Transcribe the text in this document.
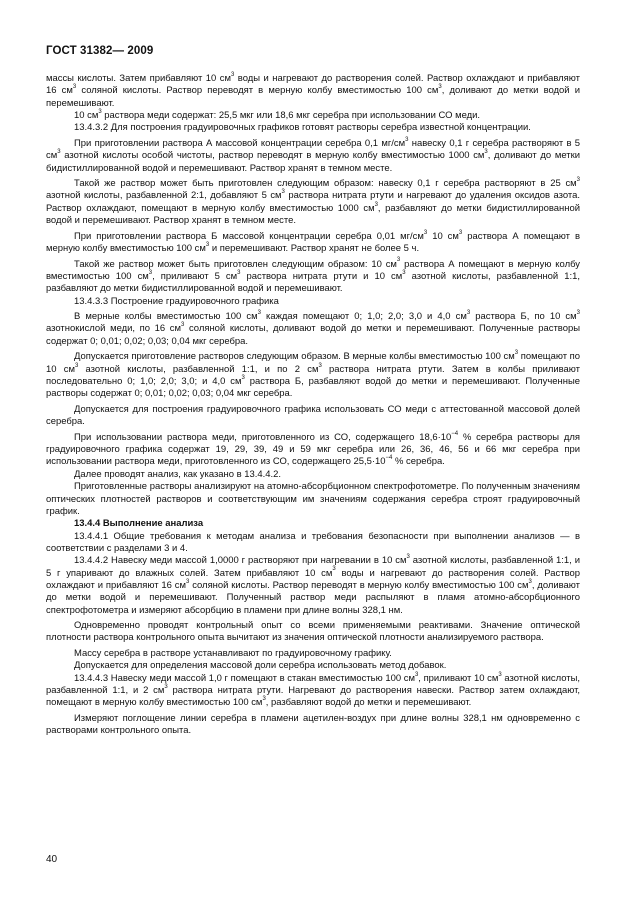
ГОСТ 31382— 2009

массы кислоты. Затем прибавляют 10 $см^3$ воды и нагревают до растворения солей. Раствор охлаждают и прибавляют 16 $см^3$ соляной кислоты. Раствор переводят в мерную колбу вместимостью 100 $см^3$, доливают до метки водой и перемешивают.

10 $см^3$ раствора меди содержат: 25,5 мкг или 18,6 мкг серебра при использовании СО меди.

13.4.3.2 Для построения градуировочных графиков готовят растворы серебра известной концентрации.

При приготовлении раствора А массовой концентрации серебра 0,1 $мг/см^3$ навеску 0,1 г серебра растворяют в 5 $см^3$ азотной кислоты особой чистоты, раствор переводят в мерную колбу вместимостью 1000 $см^3$, доливают до метки бидистиллированной водой и перемешивают. Раствор хранят в темном месте.

Такой же раствор может быть приготовлен следующим образом: навеску 0,1 г серебра растворяют в 25 $см^3$ азотной кислоты, разбавленной 2:1, добавляют 5 $см^3$ раствора нитрата ртути и нагревают до удаления оксидов азота. Раствор охлаждают, помещают в мерную колбу вместимостью 1000 $см^3$, разбавляют до метки бидистиллированной водой и перемешивают. Раствор хранят в темном месте.

При приготовлении раствора Б массовой концентрации серебра 0,01 $мг/см^3$ 10 $см^3$ раствора А помещают в мерную колбу вместимостью 100 $см^3$ и перемешивают. Раствор хранят не более 5 ч.

Такой же раствор может быть приготовлен следующим образом: 10 $см^3$ раствора А помещают в мерную колбу вместимостью 100 $см^3$, приливают 5 $см^3$ раствора нитрата ртути и 10 $см^3$ азотной кислоты, разбавленной 1:1, разбавляют до метки бидистиллированной водой и перемешивают.

13.4.3.3 Построение градуировочного графика

В мерные колбы вместимостью 100 $см^3$ каждая помещают 0; 1,0; 2,0; 3,0 и 4,0 $см^3$ раствора Б, по 10 $см^3$ азотнокислой меди, по 16 $см^3$ соляной кислоты, доливают водой до метки и перемешивают. Полученные растворы содержат 0; 0,01; 0,02; 0,03; 0,04 мкг серебра.

Допускается приготовление растворов следующим образом. В мерные колбы вместимостью 100 $см^3$ помещают по 10 $см^3$ азотной кислоты, разбавленной 1:1, и по 2 $см^3$ раствора нитрата ртути. Затем в колбы приливают последовательно 0; 1,0; 2,0; 3,0; и 4,0 $см^3$ раствора Б, разбавляют водой до метки и перемешивают. Полученные растворы содержат 0; 0,01; 0,02; 0,03; 0,04 мкг серебра.

Допускается для построения градуировочного графика использовать СО меди с аттестованной массовой долей серебра.

При использовании раствора меди, приготовленного из СО, содержащего $18,6\cdot 10^{-4}$ % серебра растворы для градуировочного графика содержат 19, 29, 39, 49 и 59 мкг серебра или 26, 36, 46, 56 и 66 мкг серебра при использовании раствора меди, приготовленного из СО, содержащего $25,5\cdot 10^{-4}$ % серебра.

Далее проводят анализ, как указано в 13.4.4.2.

Приготовленные растворы анализируют на атомно-абсорбционном спектрофотометре. По полученным значениям оптических плотностей растворов и соответствующим им значениям содержания серебра строят градуировочный график.

13.4.4 Выполнение анализа

13.4.4.1 Общие требования к методам анализа и требования безопасности при выполнении анализов — в соответствии с разделами 3 и 4.

13.4.4.2 Навеску меди массой 1,0000 г растворяют при нагревании в 10 $см^3$ азотной кислоты, разбавленной 1:1, и 5 г упаривают до влажных солей. Затем прибавляют 10 $см^3$ воды и нагревают до растворения солей. Раствор охлаждают и прибавляют 16 $см^3$ соляной кислоты. Раствор переводят в мерную колбу вместимостью 100 $см^3$, доливают до метки водой и перемешивают. Полученный раствор меди распыляют в пламя атомно-абсорбционного спектрофотометра и измеряют абсорбцию в пламени при длине волны 328,1 нм.

Одновременно проводят контрольный опыт со всеми применяемыми реактивами. Значение оптической плотности раствора контрольного опыта вычитают из значения оптической плотности анализируемого раствора.

Массу серебра в растворе устанавливают по градуировочному графику.

Допускается для определения массовой доли серебра использовать метод добавок.

13.4.4.3 Навеску меди массой 1,0 г помещают в стакан вместимостью 100 $см^3$, приливают 10 $см^3$ азотной кислоты, разбавленной 1:1, и 2 $см^3$ раствора нитрата ртути. Нагревают до растворения навески. Раствор затем охлаждают, помещают в мерную колбу вместимостью 100 $см^3$, разбавляют водой до метки и перемешивают.

Измеряют поглощение линии серебра в пламени ацетилен-воздух при длине волны 328,1 нм одновременно с растворами контрольного опыта.

40
